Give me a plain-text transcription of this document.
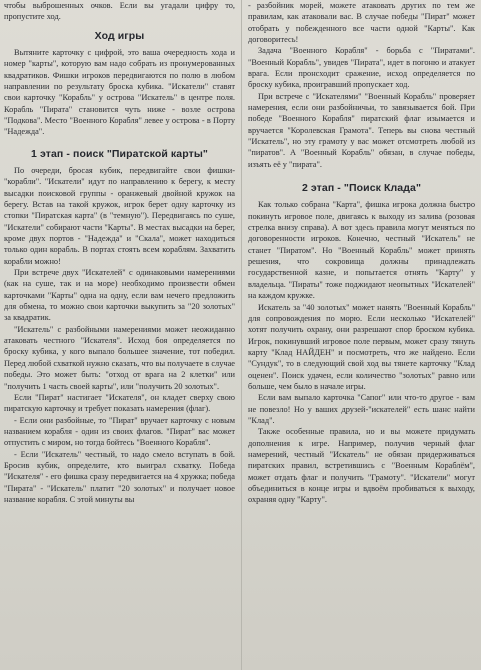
чтобы выброшенных очков. Если вы угадали цифру то, пропустите ход.

Ход игры

Вытяните карточку с цифрой, это ваша очередность хода и номер "карты", которую вам надо собрать из пронумерованных квадратиков. Фишки игроков передвигаются по полю в любом направлении по результату броска кубика. "Искатели" ставят свои карточку "Корабль" у острова "Искатель" в центре поля. Корабль "Пирата" становится чуть ниже - возле острова "Подкова". Место "Военного Корабля" левее у острова - в Порту "Надежда".

1 этап - поиск "Пиратской карты"

По очереди, бросая кубик, передвигайте свои фишки-"корабли". "Искатели" идут по направлению к берегу, к месту высадки поисковой группы - оранжевый двойной кружок на берегу. Встав на такой кружок, игрок берет одну карточку из стопки "Пиратская карта" (в "темную"). Передвигаясь по суше, "Искатели" собирают части "Карты". В местах высадки на берег, кроме двух портов - "Надежда" и "Скала", может находиться только один корабль. В портах стоять всем кораблям. Захватить корабли можно!

При встрече двух "Искателей" с одинаковыми намерениями (как на суше, так и на море) необходимо произвести обмен карточками "Карты" одна на одну, если вам нечего предложить для обмена, то можно свои карточки выкупить за "20 золотых" за квадратик.

"Искатель" с разбойными намерениями может неожиданно атаковать честного "Искателя". Исход боя определяется по броску кубика, у кого выпало большее значение, тот победил. Перед любой схваткой нужно сказать, что вы получаете в случае победы. Это может быть: "отход от врага на 2 клетки" или "получить 1 часть своей карты", или "получить 20 золотых".

Если "Пират" настигает "Искателя", он кладет сверху свою пиратскую карточку и требует показать намерения (флаг).

- Если они разбойные, то "Пират" вручает карточку с новым названием корабля - один из своих флагов. "Пират" вас может отпустить с миром, но тогда бойтесь "Военного Корабля".

- Если "Искатель" честный, то надо смело вступать в бой. Бросив кубик, определите, кто выиграл схватку. Победа "Искателя" - его фишка сразу передвигается на 4 хружка; победа "Пирата" - "Искатель" платит "20 золотых" и получает новое название корабля. С этой минуты вы

- разбойник морей, можете атаковать других по тем же правилам, как атаковали вас. В случае победы "Пират" может отобрать у побежденного все части одной "Карты". Как договоритесь!

Задача "Военного Корабля" - борьба с "Пиратами". "Военный Корабль", увидев "Пирата", идет в погоню и атакует врага. Если пронсходит сражение, исход определяется по броску кубика, проигравший пропускает ход.

При встрече с "Искателями" "Военный Корабль" проверяет намерения, если они разбойничьи, то завязывается бой. При победе "Военного Корабля" пиратский флаг изымается и вручается "Королевская Грамота". Теперь вы снова честный "Искатель", но эту грамоту у вас может отсмотреть любой из "пиратов". А "Военный Корабль" обязан, в случае победы, изъять её у "пирата".

2 этап - "Поиск Клада"

Как только собрана "Карта", фишка игрока должна быстро покинуть игровое поле, двигаясь к выходу из залива (розовая стрелка внизу справа). А вот здесь правила могут меняться по договоренности игроков. Конечно, честный "Искатель" не станет "Пиратом". Но "Военный Корабль" может принять решения, что сокровища должны принадлежать государственной казне, и попытается отнять "Карту" у владельца. "Пираты" тоже поджидают неопытных "Искателей" на каждом кружке.

Искатель за "40 золотых" может нанять "Военный Корабль" для сопровождения по морю. Если несколько "Искателей" хотят получить охрану, они разрешают спор броском кубика. Игрок, покинувший игровое поле первым, может сразу тянуть карту "Клад НАЙДЕН" и посмотреть, что же найдено. Если "Сундук", то в следующий свой ход вы тянете карточку "Клад оценен". Поиск удачен, если количество "золотых" равно или больше, чем было в начале игры.

Если вам выпало карточка "Сапог" или что-то другое - вам не повезло! Но у ваших друзей-"искателей" есть шанс найти "Клад".

Также особенные правила, но и вы можете придумать дополнения к игре. Например, получив черный флаг намерений, честный "Искатель" не обязан придерживаться пиратских правил, встретившись с "Военным Кораблём", может отдать флаг и получить "Грамоту". "Искатели" могут объединиться в конце игры и вдвоём пробиваться к выходу, охраняя одну "Карту".
